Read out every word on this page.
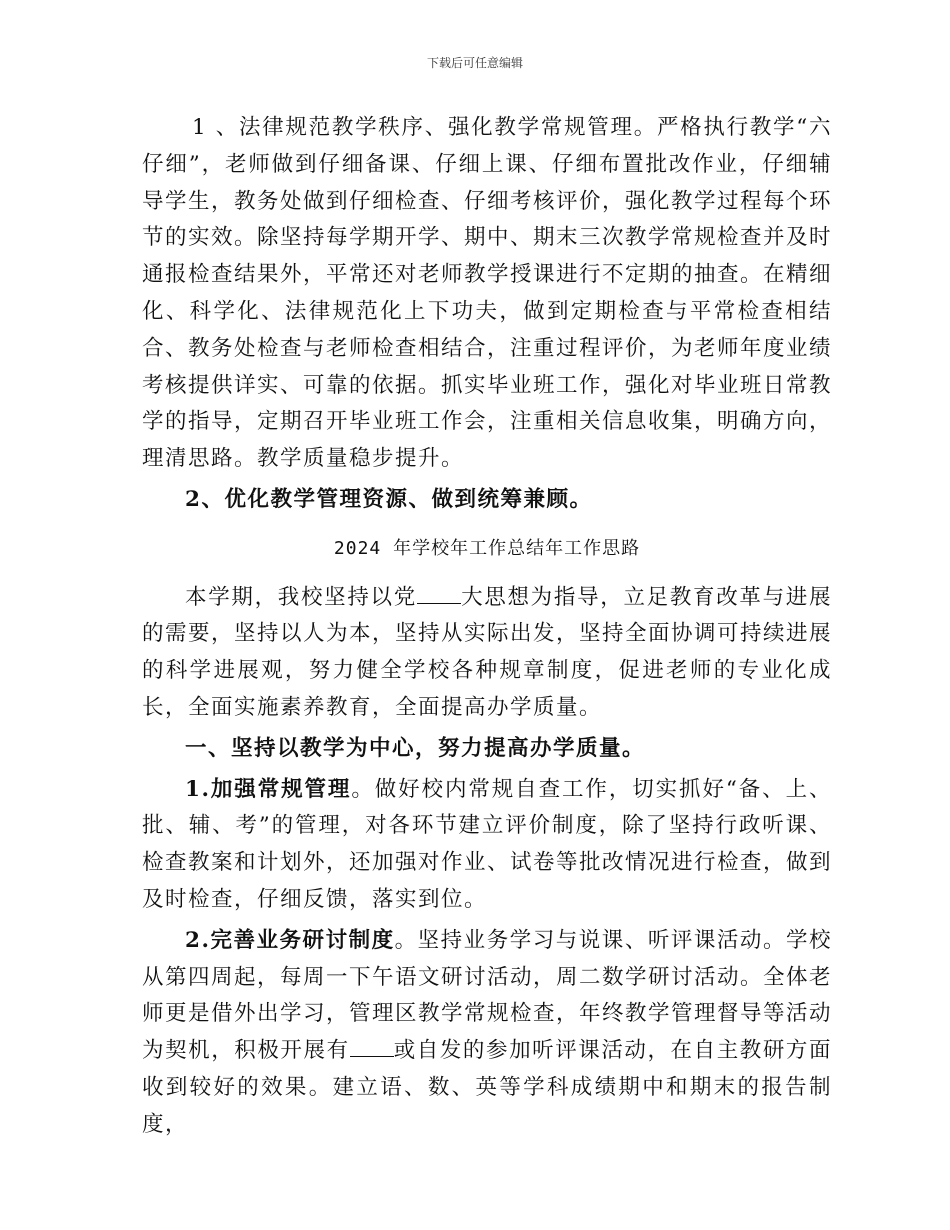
下载后可任意编辑

1 、法律规范教学秩序、强化教学常规管理。严格执行教学“六仔细”，老师做到仔细备课、仔细上课、仔细布置批改作业，仔细辅导学生，教务处做到仔细检查、仔细考核评价，强化教学过程每个环节的实效。除坚持每学期开学、期中、期末三次教学常规检查并及时通报检查结果外，平常还对老师教学授课进行不定期的抽查。在精细化、科学化、法律规范化上下功夫，做到定期检查与平常检查相结合、教务处检查与老师检查相结合，注重过程评价，为老师年度业绩考核提供详实、可靠的依据。抓实毕业班工作，强化对毕业班日常教学的指导，定期召开毕业班工作会，注重相关信息收集，明确方向，理清思路。教学质量稳步提升。

2、优化教学管理资源、做到统筹兼顾。

2024 年学校年工作总结年工作思路

本学期，我校坚持以党 大思想为指导，立足教育改革与进展的需要，坚持以人为本，坚持从实际出发，坚持全面协调可持续进展的科学进展观，努力健全学校各种规章制度，促进老师的专业化成长，全面实施素养教育，全面提高办学质量。

一、坚持以教学为中心，努力提高办学质量。

1.加强常规管理。做好校内常规自查工作，切实抓好“备、上、批、辅、考”的管理，对各环节建立评价制度，除了坚持行政听课、检查教案和计划外，还加强对作业、试卷等批改情况进行检查，做到及时检查，仔细反馈，落实到位。

2.完善业务研讨制度。坚持业务学习与说课、听评课活动。学校从第四周起，每周一下午语文研讨活动，周二数学研讨活动。全体老师更是借外出学习，管理区教学常规检查，年终教学管理督导等活动为契机，积极开展有 或自发的参加听评课活动，在自主教研方面收到较好的效果。建立语、数、英等学科成绩期中和期末的报告制度，
